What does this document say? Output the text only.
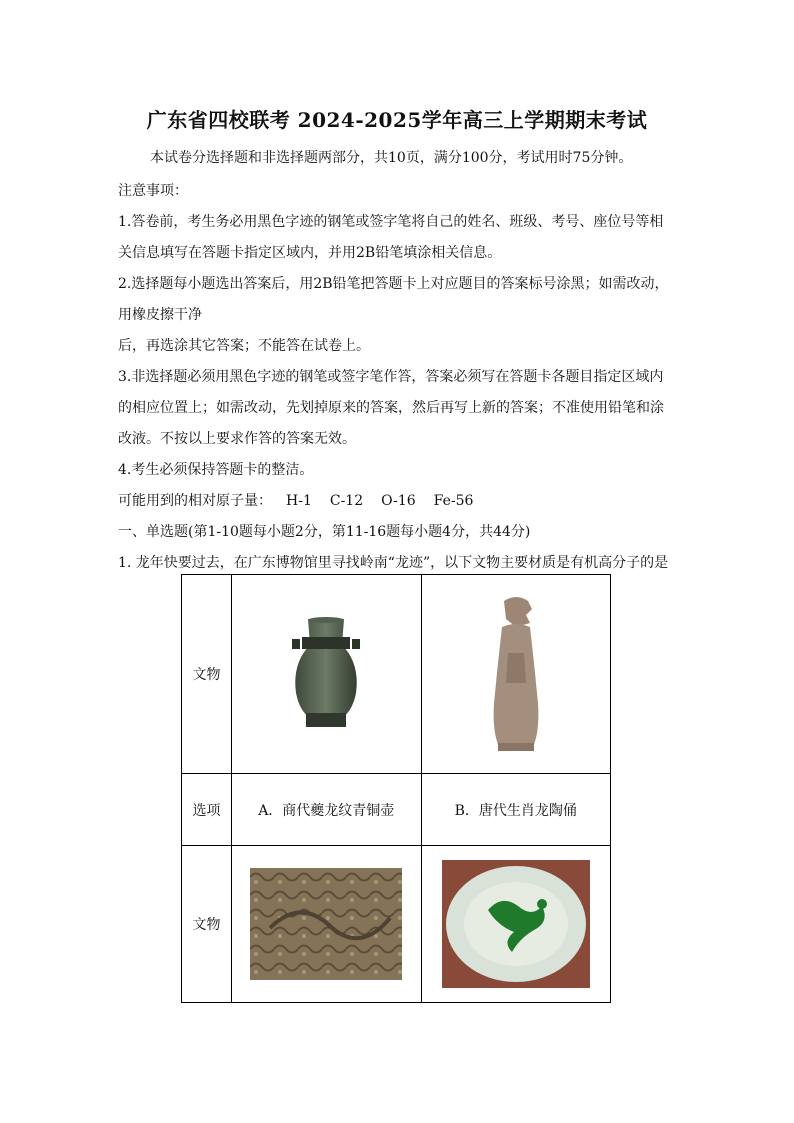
广东省四校联考 2024-2025学年高三上学期期末考试
本试卷分选择题和非选择题两部分，共10页，满分100分，考试用时75分钟。
注意事项：
1.答卷前，考生务必用黑色字迹的钢笔或签字笔将自己的姓名、班级、考号、座位号等相
关信息填写在答题卡指定区域内，并用2B铅笔填涂相关信息。
2.选择题每小题选出答案后，用2B铅笔把答题卡上对应题目的答案标号涂黑；如需改动，
用橡皮擦干净
后，再选涂其它答案；不能答在试卷上。
3.非选择题必须用黑色字迹的钢笔或签字笔作答，答案必须写在答题卡各题目指定区域内
的相应位置上；如需改动，先划掉原来的答案，然后再写上新的答案；不准使用铅笔和涂
改液。不按以上要求作答的答案无效。
4.考生必须保持答题卡的整洁。
可能用到的相对原子量： H-1 C-12 O-16 Fe-56
一、单选题(第1-10题每小题2分，第11-16题每小题4分，共44分)
1. 龙年快要过去，在广东博物馆里寻找岭南“龙迹”，以下文物主要材质是有机高分子的是
文物	

选项	A．商代夔龙纹青铜壶	B．唐代生肖龙陶俑
文物	
